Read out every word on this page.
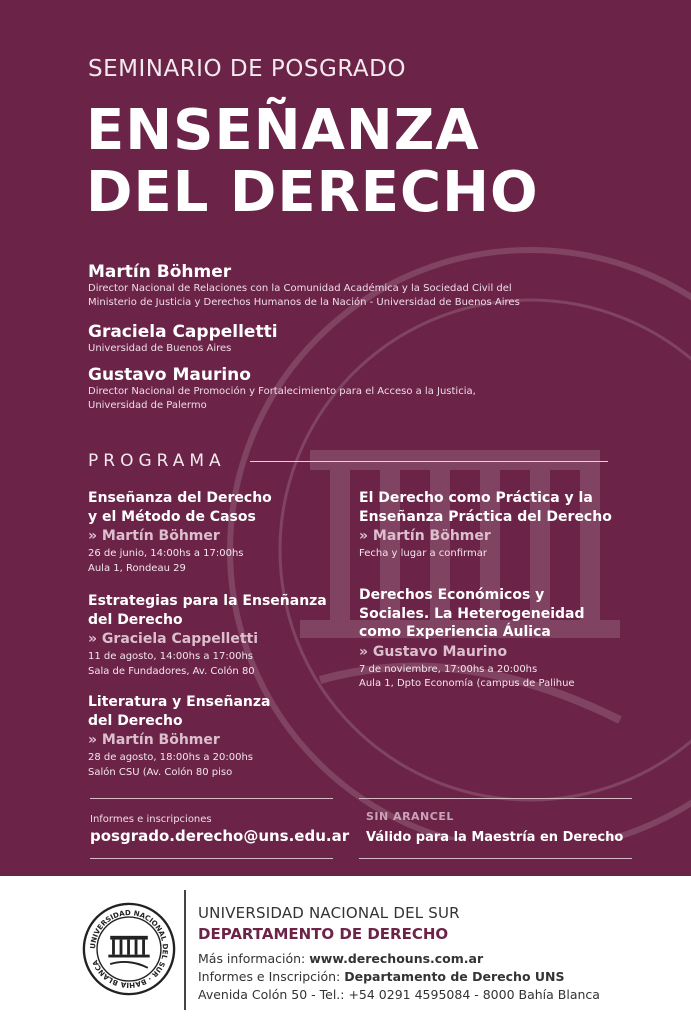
SEMINARIO DE POSGRADO
ENSEÑANZA
DEL DERECHO
Martín Böhmer
Director Nacional de Relaciones con la Comunidad Académica y la Sociedad Civil del
Ministerio de Justicia y Derechos Humanos de la Nación - Universidad de Buenos Aires
Graciela Cappelletti
Universidad de Buenos Aires
Gustavo Maurino
Director Nacional de Promoción y Fortalecimiento para el Acceso a la Justicia,
Universidad de Palermo
PROGRAMA
Enseñanza del Derecho
y el Método de Casos
» Martín Böhmer
26 de junio, 14:00hs a 17:00hs
Aula 1, Rondeau 29
Estrategias para la Enseñanza
del Derecho
» Graciela Cappelletti
11 de agosto, 14:00hs a 17:00hs
Sala de Fundadores, Av. Colón 80
Literatura y Enseñanza
del Derecho
» Martín Böhmer
28 de agosto, 18:00hs a 20:00hs
Salón CSU (Av. Colón 80 piso
El Derecho como Práctica y la
Enseñanza Práctica del Derecho
» Martín Böhmer
Fecha y lugar a confirmar
Derechos Económicos y
Sociales. La Heterogeneidad
como Experiencia Áulica
» Gustavo Maurino
7 de noviembre, 17:00hs a 20:00hs
Aula 1, Dpto Economía (campus de Palihue
Informes e inscripciones
posgrado.derecho@uns.edu.ar
SIN ARANCEL
Válido para la Maestría en Derecho
UNIVERSIDAD NACIONAL DEL SUR · BAHIA BLANCA
UNIVERSIDAD NACIONAL DEL SUR
DEPARTAMENTO DE DERECHO
Más información: www.derechouns.com.ar
Informes e Inscripción: Departamento de Derecho UNS
Avenida Colón 50 - Tel.: +54 0291 4595084 - 8000 Bahía Blanca
